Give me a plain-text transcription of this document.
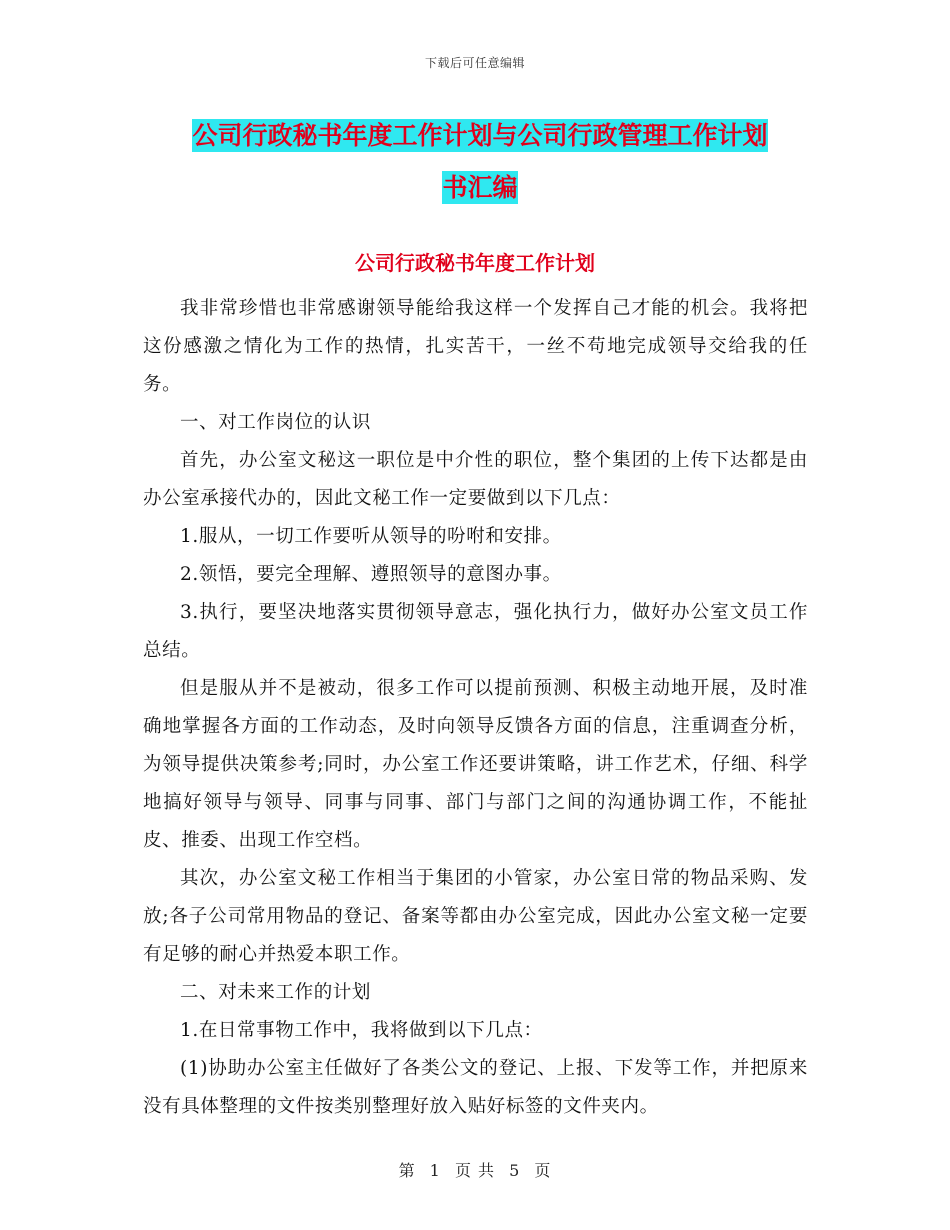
下载后可任意编辑
公司行政秘书年度工作计划与公司行政管理工作计划
书汇编
公司行政秘书年度工作计划

我非常珍惜也非常感谢领导能给我这样一个发挥自己才能的机会。我将把这份感激之情化为工作的热情，扎实苦干，一丝不苟地完成领导交给我的任务。

一、对工作岗位的认识

首先，办公室文秘这一职位是中介性的职位，整个集团的上传下达都是由办公室承接代办的，因此文秘工作一定要做到以下几点：

1.服从，一切工作要听从领导的吩咐和安排。

2.领悟，要完全理解、遵照领导的意图办事。

3.执行，要坚决地落实贯彻领导意志，强化执行力，做好办公室文员工作总结。

但是服从并不是被动，很多工作可以提前预测、积极主动地开展，及时准确地掌握各方面的工作动态，及时向领导反馈各方面的信息，注重调查分析，为领导提供决策参考;同时，办公室工作还要讲策略，讲工作艺术，仔细、科学地搞好领导与领导、同事与同事、部门与部门之间的沟通协调工作，不能扯皮、推委、出现工作空档。

其次，办公室文秘工作相当于集团的小管家，办公室日常的物品采购、发放;各子公司常用物品的登记、备案等都由办公室完成，因此办公室文秘一定要有足够的耐心并热爱本职工作。

二、对未来工作的计划

1.在日常事物工作中，我将做到以下几点：

(1)协助办公室主任做好了各类公文的登记、上报、下发等工作，并把原来没有具体整理的文件按类别整理好放入贴好标签的文件夹内。

第 1 页 共 5 页
